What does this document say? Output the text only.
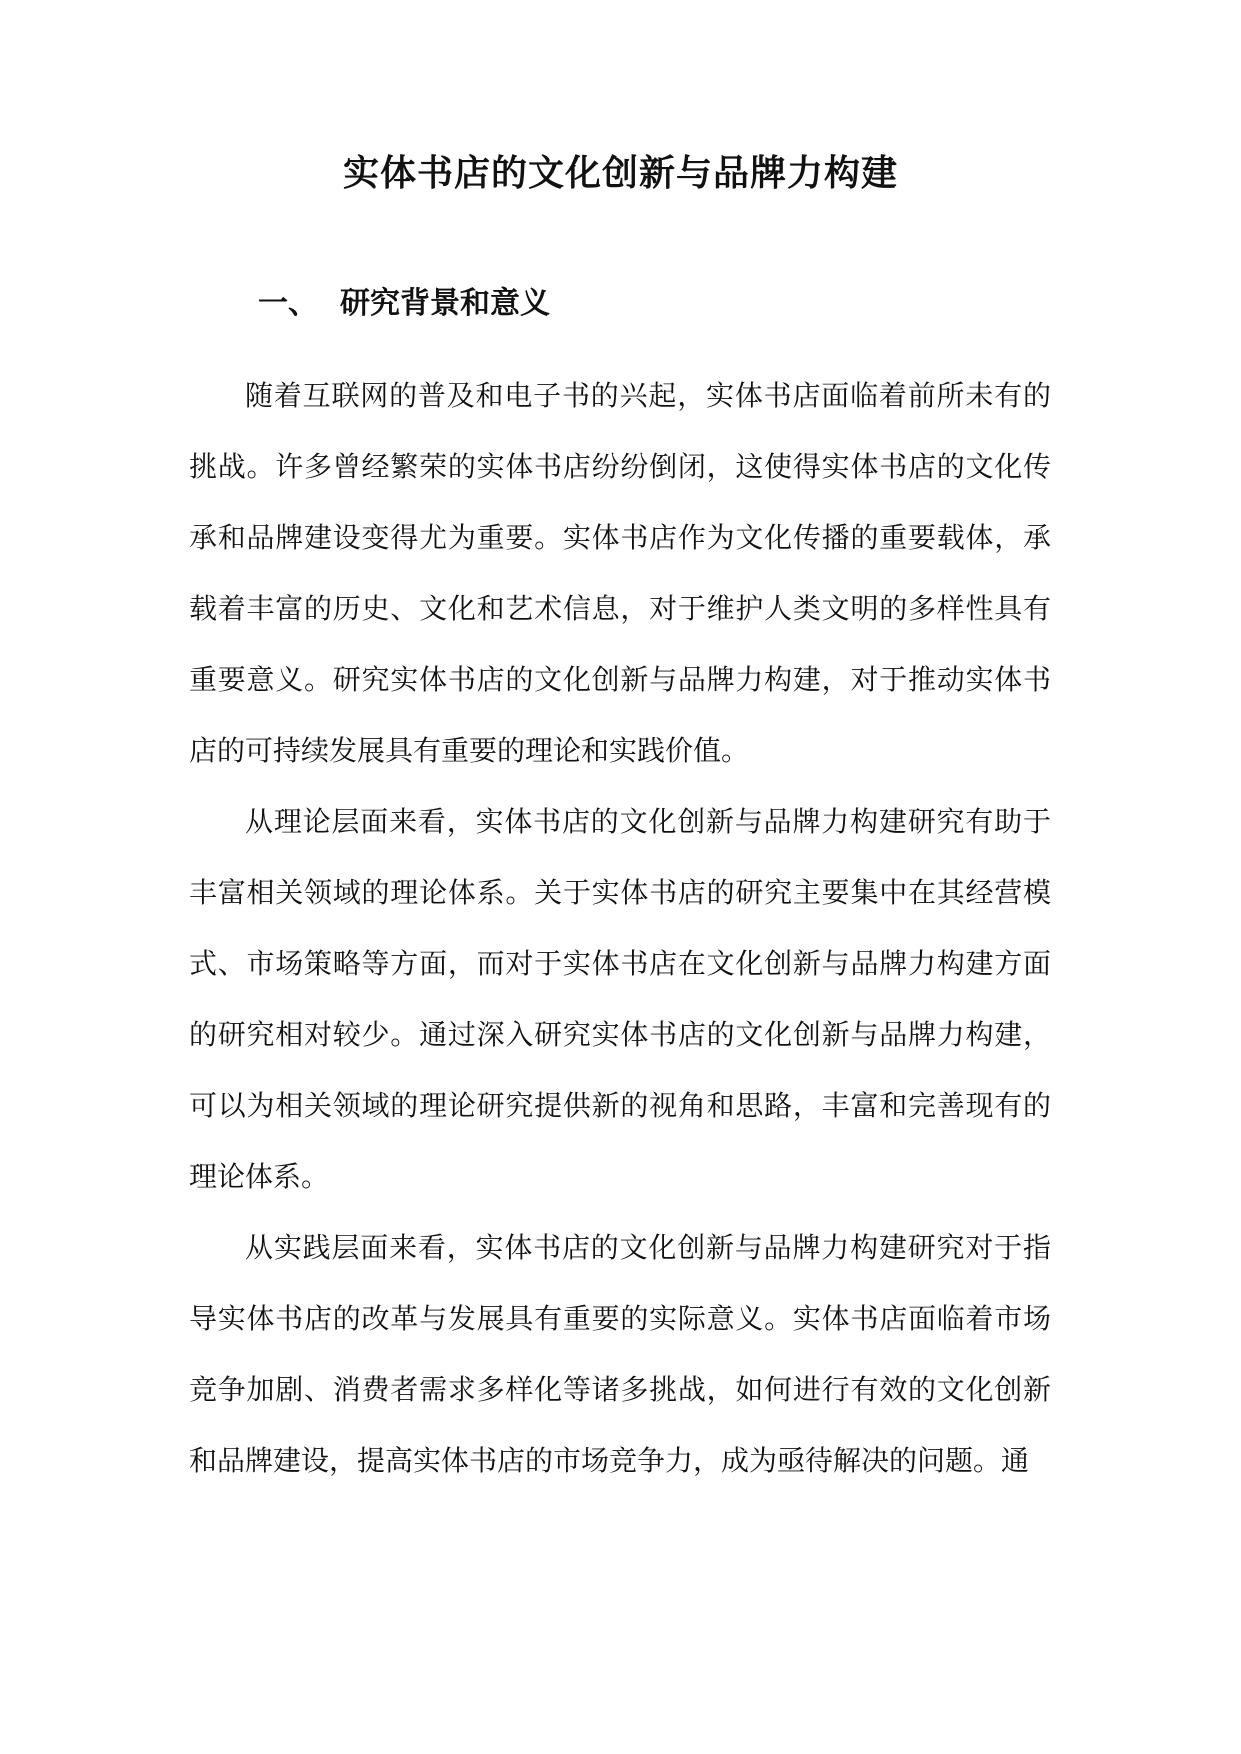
实体书店的文化创新与品牌力构建
一、 研究背景和意义

随着互联网的普及和电子书的兴起，实体书店面临着前所未有的挑战。许多曾经繁荣的实体书店纷纷倒闭，这使得实体书店的文化传承和品牌建设变得尤为重要。实体书店作为文化传播的重要载体，承载着丰富的历史、文化和艺术信息，对于维护人类文明的多样性具有重要意义。研究实体书店的文化创新与品牌力构建，对于推动实体书店的可持续发展具有重要的理论和实践价值。

从理论层面来看，实体书店的文化创新与品牌力构建研究有助于丰富相关领域的理论体系。关于实体书店的研究主要集中在其经营模式、市场策略等方面，而对于实体书店在文化创新与品牌力构建方面的研究相对较少。通过深入研究实体书店的文化创新与品牌力构建，可以为相关领域的理论研究提供新的视角和思路，丰富和完善现有的理论体系。

从实践层面来看，实体书店的文化创新与品牌力构建研究对于指导实体书店的改革与发展具有重要的实际意义。实体书店面临着市场竞争加剧、消费者需求多样化等诸多挑战，如何进行有效的文化创新和品牌建设，提高实体书店的市场竞争力，成为亟待解决的问题。通
